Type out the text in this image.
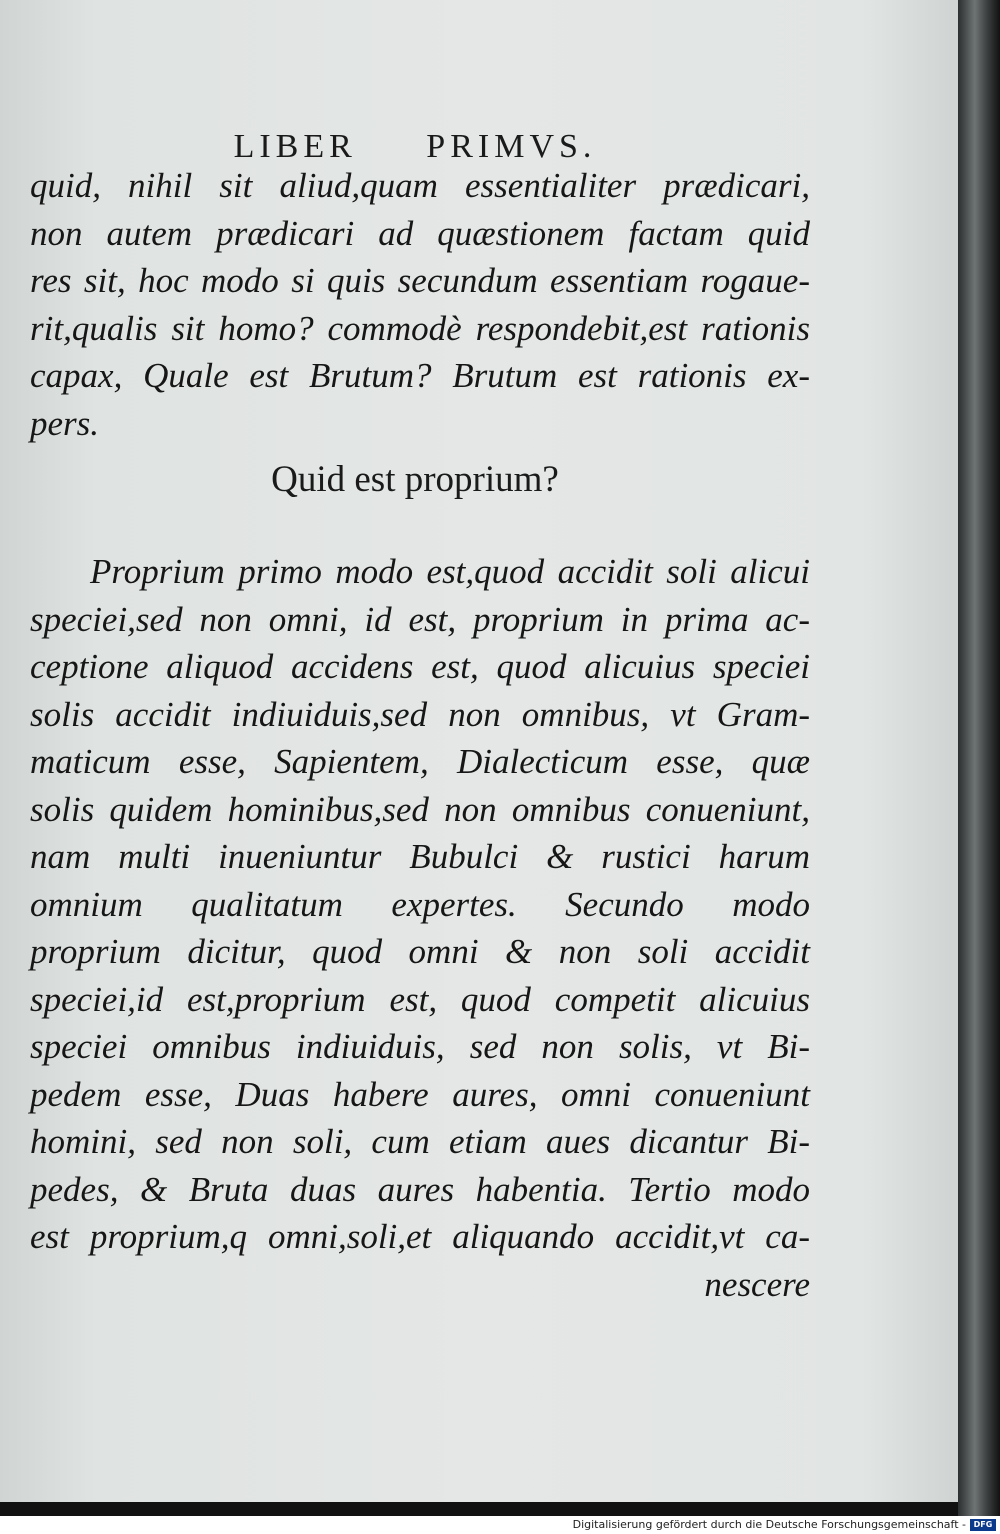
LIBER PRIMVS.
quid, nihil sit aliud,quam essentialiter prædicari,
non autem prædicari ad quæstionem factam quid
res sit, hoc modo si quis secundum essentiam rogaue-
rit,qualis sit homo? commodè respondebit,est rationis
capax, Quale est Brutum? Brutum est rationis ex-
pers.
Quid est proprium?
Proprium primo modo est,quod accidit soli alicui
speciei,sed non omni, id est, proprium in prima ac-
ceptione aliquod accidens est, quod alicuius speciei
solis accidit indiuiduis,sed non omnibus, vt Gram-
maticum esse, Sapientem, Dialecticum esse, quæ
solis quidem hominibus,sed non omnibus conueniunt,
nam multi inueniuntur Bubulci & rustici harum
omnium qualitatum expertes. Secundo modo
proprium dicitur, quod omni & non soli accidit
speciei,id est,proprium est, quod competit alicuius
speciei omnibus indiuiduis, sed non solis, vt Bi-
pedem esse, Duas habere aures, omni conueniunt
homini, sed non soli, cum etiam aues dicantur Bi-
pedes, & Bruta duas aures habentia. Tertio modo
est proprium,q omni,soli,et aliquando accidit,vt ca-
nescere
Digitalisierung gefördert durch die Deutsche Forschungsgemeinschaft - DFG
